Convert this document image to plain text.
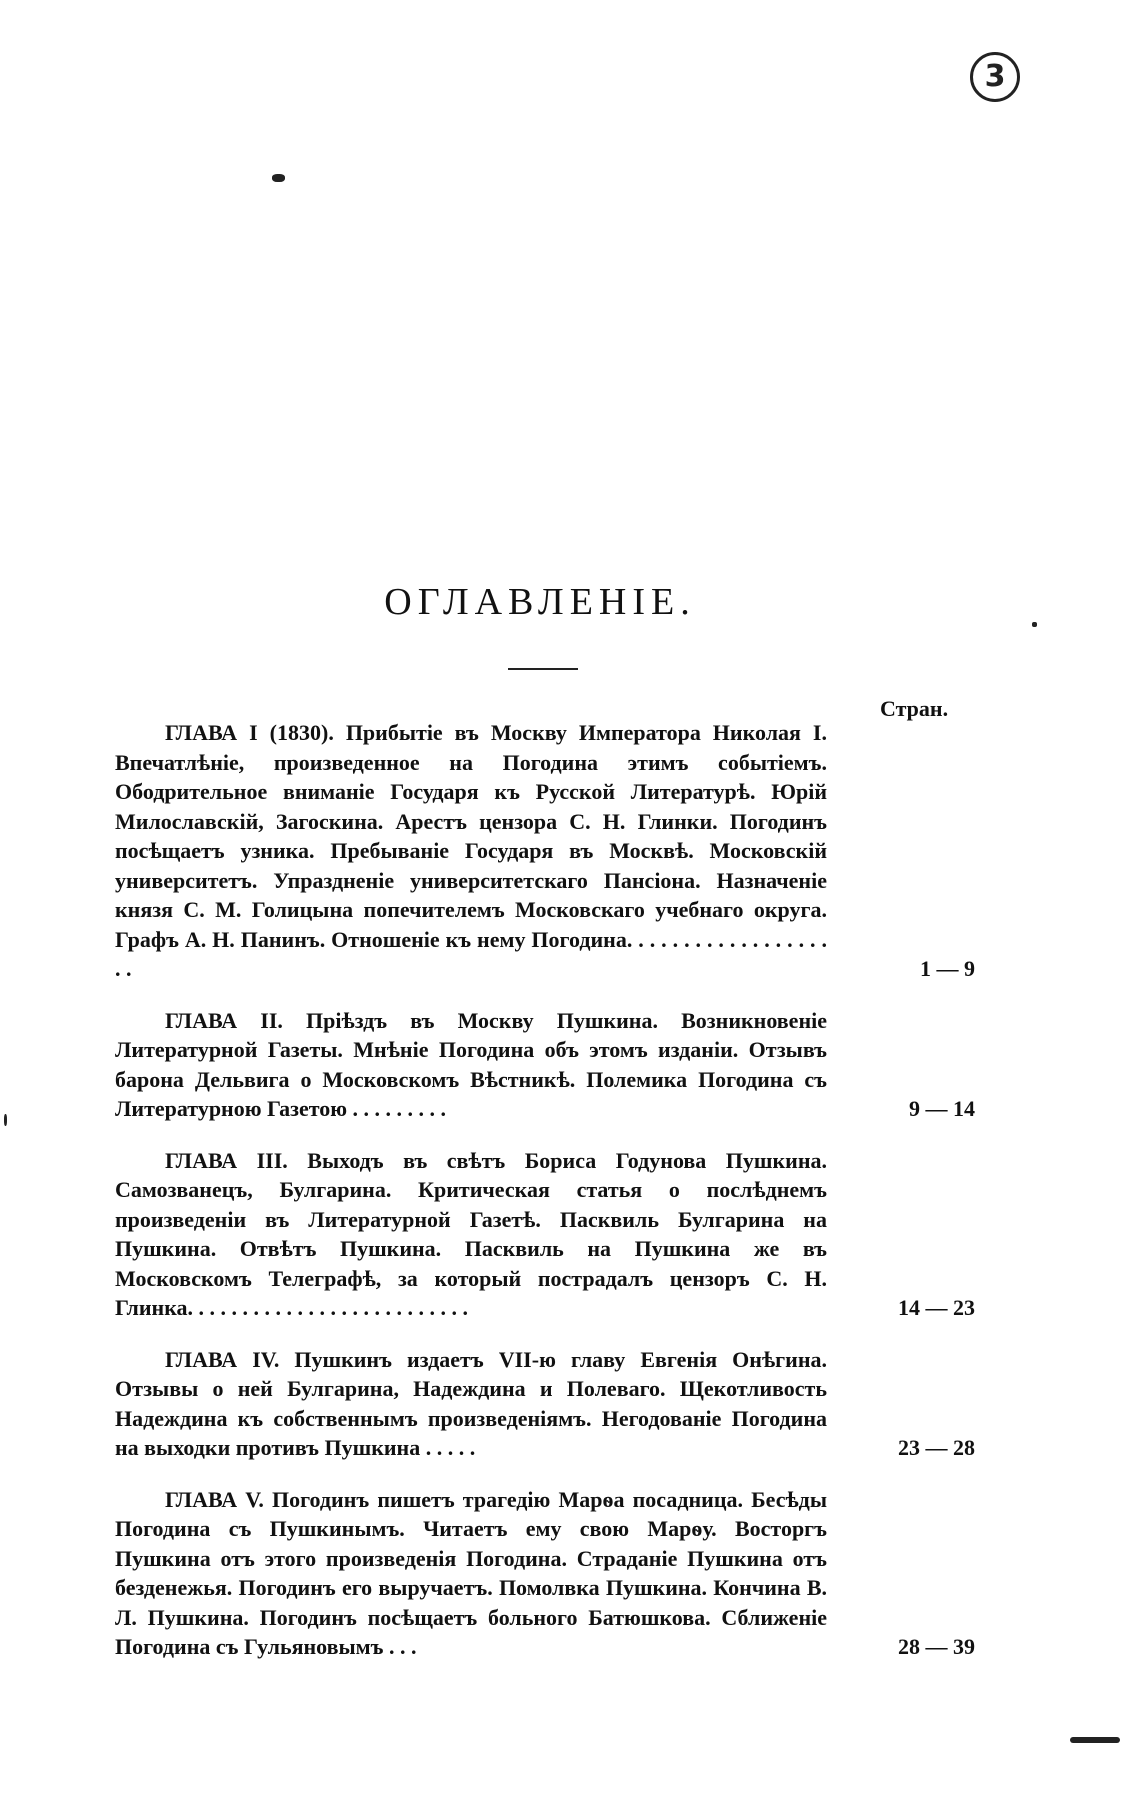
3
ОГЛАВЛЕНІЕ.
Стран.
ГЛАВА I (1830). Прибытіе въ Москву Императора Николая I. Впечатлѣніе, произведенное на Погодина этимъ событіемъ. Ободрительное вниманіе Государя къ Русской Литературѣ. Юрій Милославскій, Загоскина. Арестъ цензора С. Н. Глинки. Погодинъ посѣщаетъ узника. Пребываніе Государя въ Москвѣ. Московскій университетъ. Упраздненіе университетскаго Пансіона. Назначеніе князя С. М. Голицына попечителемъ Московскаго учебнаго округа. Графъ А. Н. Панинъ. Отношеніе къ нему Погодина. . . . . . . . . . . . . . . . . . . .	1 — 9
ГЛАВА II. Пріѣздъ въ Москву Пушкина. Возникновеніе Литературной Газеты. Мнѣніе Погодина объ этомъ изданіи. Отзывъ барона Дельвига о Московскомъ Вѣстникѣ. Полемика Погодина съ Литературною Газетою . . . . . . . . .	9 — 14
ГЛАВА III. Выходъ въ свѣтъ Бориса Годунова Пушкина. Самозванецъ, Булгарина. Критическая статья о послѣднемъ произведеніи въ Литературной Газетѣ. Пасквиль Булгарина на Пушкина. Отвѣтъ Пушкина. Пасквиль на Пушкина же въ Московскомъ Телеграфѣ, за который пострадалъ цензоръ С. Н. Глинка. . . . . . . . . . . . . . . . . . . . . . . . . .	14 — 23
ГЛАВА IV. Пушкинъ издаетъ VII-ю главу Евгенія Онѣгина. Отзывы о ней Булгарина, Надеждина и Полеваго. Щекотливость Надеждина къ собственнымъ произведеніямъ. Негодованіе Погодина на выходки противъ Пушкина . . . . .	23 — 28
ГЛАВА V. Погодинъ пишетъ трагедію Марѳа посадница. Бесѣды Погодина съ Пушкинымъ. Читаетъ ему свою Марѳу. Восторгъ Пушкина отъ этого произведенія Погодина. Страданіе Пушкина отъ безденежья. Погодинъ его выручаетъ. Помолвка Пушкина. Кончина В. Л. Пушкина. Погодинъ посѣщаетъ больного Батюшкова. Сближеніе Погодина съ Гульяновымъ . . .	28 — 39
